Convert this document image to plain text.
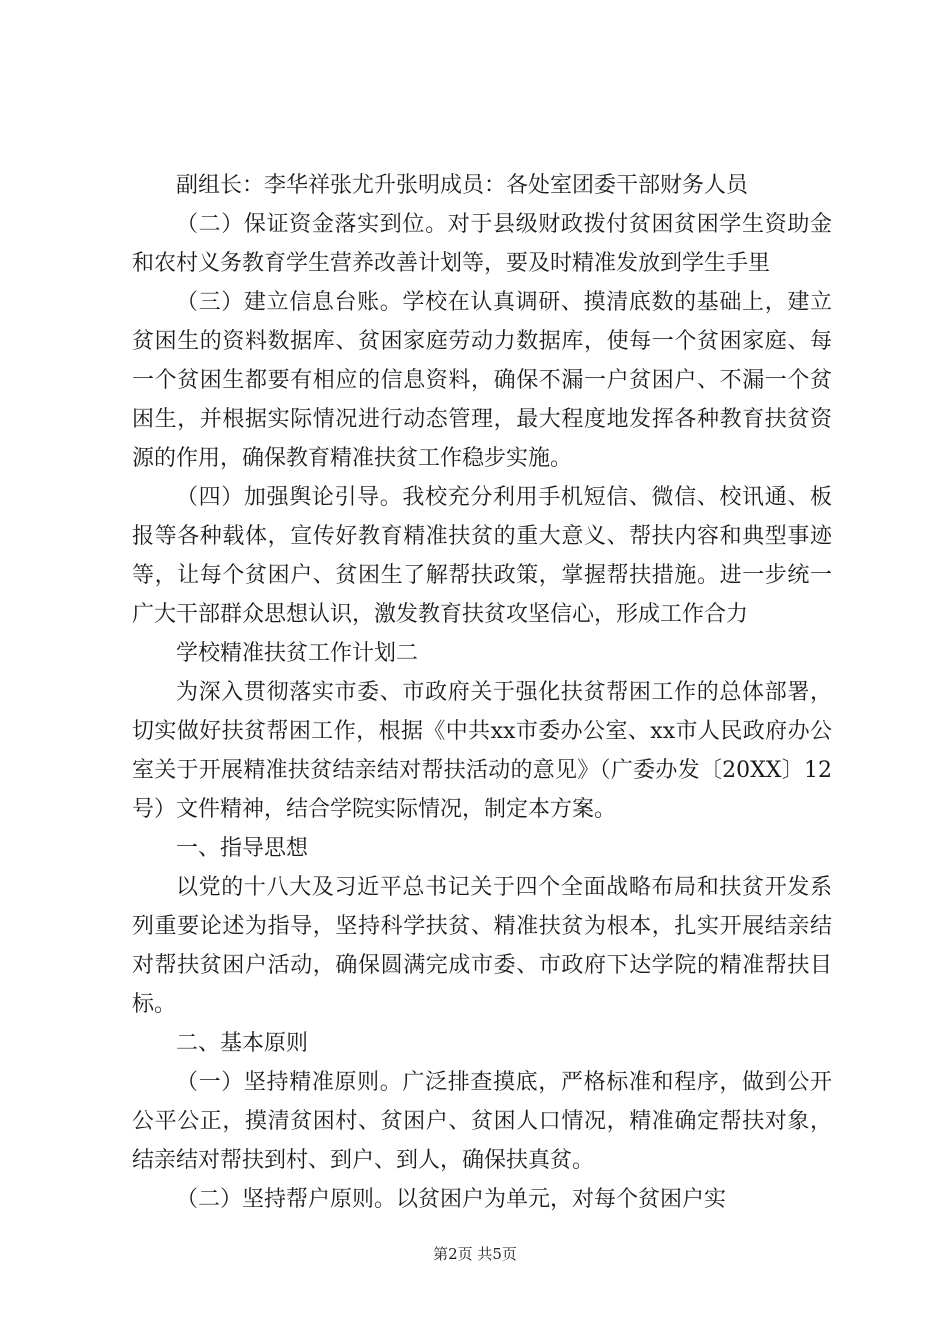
副组长：李华祥张尤升张明成员：各处室团委干部财务人员

（二）保证资金落实到位。对于县级财政拨付贫困贫困学生资助金和农村义务教育学生营养改善计划等，要及时精准发放到学生手里

（三）建立信息台账。学校在认真调研、摸清底数的基础上，建立贫困生的资料数据库、贫困家庭劳动力数据库，使每一个贫困家庭、每一个贫困生都要有相应的信息资料，确保不漏一户贫困户、不漏一个贫困生，并根据实际情况进行动态管理，最大程度地发挥各种教育扶贫资源的作用，确保教育精准扶贫工作稳步实施。

（四）加强舆论引导。我校充分利用手机短信、微信、校讯通、板报等各种载体，宣传好教育精准扶贫的重大意义、帮扶内容和典型事迹等，让每个贫困户、贫困生了解帮扶政策，掌握帮扶措施。进一步统一广大干部群众思想认识，激发教育扶贫攻坚信心，形成工作合力

学校精准扶贫工作计划二

为深入贯彻落实市委、市政府关于强化扶贫帮困工作的总体部署，切实做好扶贫帮困工作，根据《中共xx市委办公室、xx市人民政府办公室关于开展精准扶贫结亲结对帮扶活动的意见》（广委办发〔20XX〕12号）文件精神，结合学院实际情况，制定本方案。

一、指导思想

以党的十八大及习近平总书记关于四个全面战略布局和扶贫开发系列重要论述为指导，坚持科学扶贫、精准扶贫为根本，扎实开展结亲结对帮扶贫困户活动，确保圆满完成市委、市政府下达学院的精准帮扶目标。

二、基本原则

（一）坚持精准原则。广泛排查摸底，严格标准和程序，做到公开公平公正，摸清贫困村、贫困户、贫困人口情况，精准确定帮扶对象，结亲结对帮扶到村、到户、到人，确保扶真贫。

（二）坚持帮户原则。以贫困户为单元，对每个贫困户实

第2页 共5页
